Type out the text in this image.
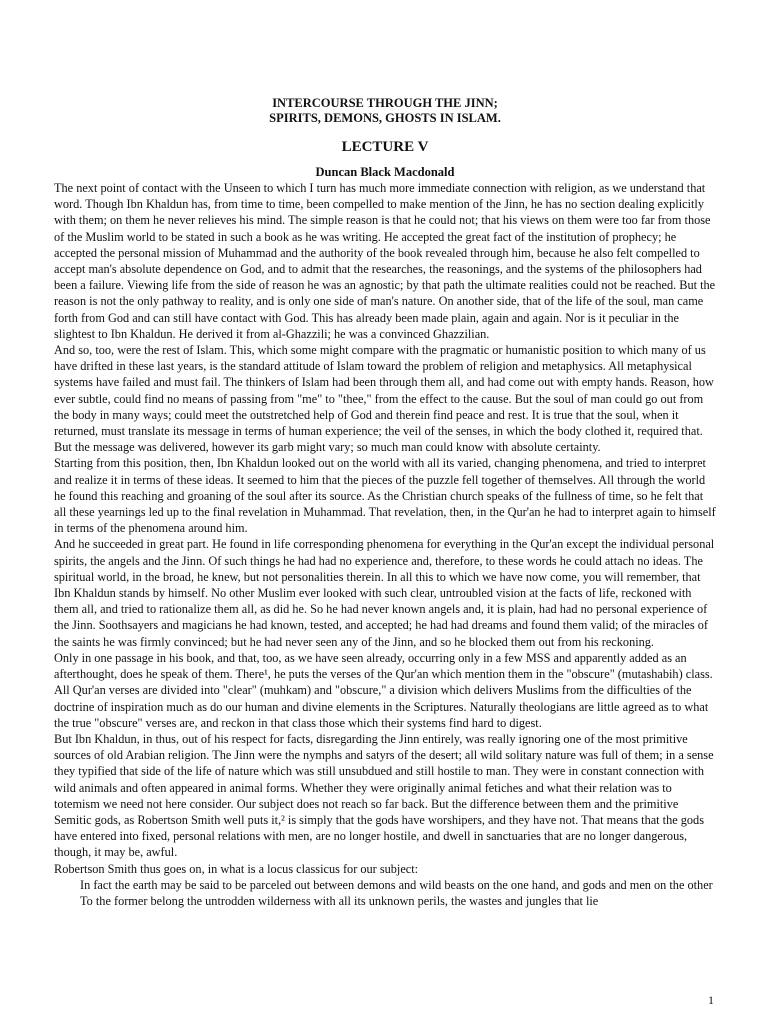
INTERCOURSE THROUGH THE JINN;
SPIRITS, DEMONS, GHOSTS IN ISLAM.
LECTURE V
Duncan Black Macdonald

The next point of contact with the Unseen to which I turn has much more immediate connection with religion, as we understand that word. Though Ibn Khaldun has, from time to time, been compelled to make mention of the Jinn, he has no section dealing explicitly with them; on them he never relieves his mind. The simple reason is that he could not; that his views on them were too far from those of the Muslim world to be stated in such a book as he was writing. He accepted the great fact of the institution of prophecy; he accepted the personal mission of Muhammad and the authority of the book revealed through him, because he also felt compelled to accept man's absolute dependence on God, and to admit that the researches, the reasonings, and the systems of the philosophers had been a failure. Viewing life from the side of reason he was an agnostic; by that path the ultimate realities could not be reached. But the reason is not the only pathway to reality, and is only one side of man's nature. On another side, that of the life of the soul, man came forth from God and can still have contact with God. This has already been made plain, again and again. Nor is it peculiar in the slightest to Ibn Khaldun. He derived it from al-Ghazzili; he was a convinced Ghazzilian.

And so, too, were the rest of Islam. This, which some might compare with the pragmatic or humanistic position to which many of us have drifted in these last years, is the standard attitude of Islam toward the problem of religion and metaphysics. All metaphysical systems have failed and must fail. The thinkers of Islam had been through them all, and had come out with empty hands. Reason, how ever subtle, could find no means of passing from "me" to "thee," from the effect to the cause. But the soul of man could go out from the body in many ways; could meet the outstretched help of God and therein find peace and rest. It is true that the soul, when it returned, must translate its message in terms of human experience; the veil of the senses, in which the body clothed it, required that. But the message was delivered, however its garb might vary; so much man could know with absolute certainty.

Starting from this position, then, Ibn Khaldun looked out on the world with all its varied, changing phenomena, and tried to interpret and realize it in terms of these ideas. It seemed to him that the pieces of the puzzle fell together of themselves. All through the world he found this reaching and groaning of the soul after its source. As the Christian church speaks of the fullness of time, so he felt that all these yearnings led up to the final revelation in Muhammad. That revelation, then, in the Qur'an he had to interpret again to himself in terms of the phenomena around him.

And he succeeded in great part. He found in life corresponding phenomena for everything in the Qur'an except the individual personal spirits, the angels and the Jinn. Of such things he had had no experience and, therefore, to these words he could attach no ideas. The spiritual world, in the broad, he knew, but not personalities therein. In all this to which we have now come, you will remember, that Ibn Khaldun stands by himself. No other Muslim ever looked with such clear, untroubled vision at the facts of life, reckoned with them all, and tried to rationalize them all, as did he. So he had never known angels and, it is plain, had had no personal experience of the Jinn. Soothsayers and magicians he had known, tested, and accepted; he had had dreams and found them valid; of the miracles of the saints he was firmly convinced; but he had never seen any of the Jinn, and so he blocked them out from his reckoning.

Only in one passage in his book, and that, too, as we have seen already, occurring only in a few MSS and apparently added as an afterthought, does he speak of them. There¹, he puts the verses of the Qur'an which mention them in the "obscure" (mutashabih) class. All Qur'an verses are divided into "clear" (muhkam) and "obscure," a division which delivers Muslims from the difficulties of the doctrine of inspiration much as do our human and divine elements in the Scriptures. Naturally theologians are little agreed as to what the true "obscure" verses are, and reckon in that class those which their systems find hard to digest.

But Ibn Khaldun, in thus, out of his respect for facts, disregarding the Jinn entirely, was really ignoring one of the most primitive sources of old Arabian religion. The Jinn were the nymphs and satyrs of the desert; all wild solitary nature was full of them; in a sense they typified that side of the life of nature which was still unsubdued and still hostile to man. They were in constant connection with wild animals and often appeared in animal forms. Whether they were originally animal fetiches and what their relation was to totemism we need not here consider. Our subject does not reach so far back. But the difference between them and the primitive Semitic gods, as Robertson Smith well puts it,² is simply that the gods have worshipers, and they have not. That means that the gods have entered into fixed, personal relations with men, are no longer hostile, and dwell in sanctuaries that are no longer dangerous, though, it may be, awful.

Robertson Smith thus goes on, in what is a locus classicus for our subject:

In fact the earth may be said to be parceled out between demons and wild beasts on the one hand, and gods and men on the other To the former belong the untrodden wilderness with all its unknown perils, the wastes and jungles that lie

1
